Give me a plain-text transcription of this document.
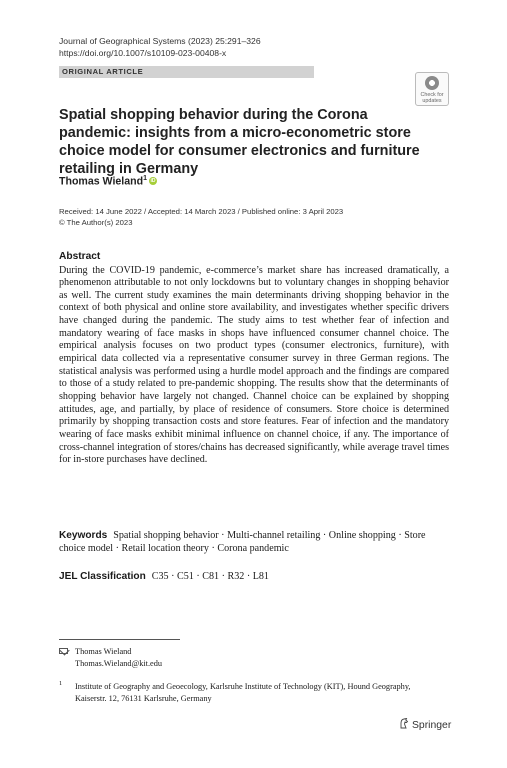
Journal of Geographical Systems (2023) 25:291–326
https://doi.org/10.1007/s10109-023-00408-x
ORIGINAL ARTICLE
Check for
updates
Spatial shopping behavior during the Corona pandemic: insights from a micro-econometric store choice model for consumer electronics and furniture retailing in Germany
Thomas Wieland$^1$ iD
Received: 14 June 2022 / Accepted: 14 March 2023 / Published online: 3 April 2023
© The Author(s) 2023
Abstract
During the COVID-19 pandemic, e-commerce’s market share has increased dramatically, a phenomenon attributable to not only lockdowns but to voluntary changes in shopping behavior as well. The current study examines the main determinants driving shopping behavior in the context of both physical and online store availability, and investigates whether specific drivers have changed during the pandemic. The study aims to test whether fear of infection and mandatory wearing of face masks in shops have influenced consumer channel choice. The empirical analysis focuses on two product types (consumer electronics, furniture), with empirical data collected via a representative consumer survey in three German regions. The statistical analysis was performed using a hurdle model approach and the findings are compared to those of a study related to pre-pandemic shopping. The results show that the determinants of shopping behavior have largely not changed. Channel choice can be explained by shopping attitudes, age, and partially, by place of residence of consumers. Store choice is determined primarily by shopping transaction costs and store features. Fear of infection and the mandatory wearing of face masks exhibit minimal influence on channel choice, if any. The importance of cross-channel integration of stores/chains has decreased significantly, while average travel times for in-store purchases have declined.
Keywords Spatial shopping behavior · Multi-channel retailing · Online shopping · Store choice model · Retail location theory · Corona pandemic
JEL Classification C35 · C51 · C81 · R32 · L81
Thomas Wieland
Thomas.Wieland@kit.edu
1 Institute of Geography and Geoecology, Karlsruhe Institute of Technology (KIT), Hound Geography, Kaiserstr. 12, 76131 Karlsruhe, Germany
Springer
